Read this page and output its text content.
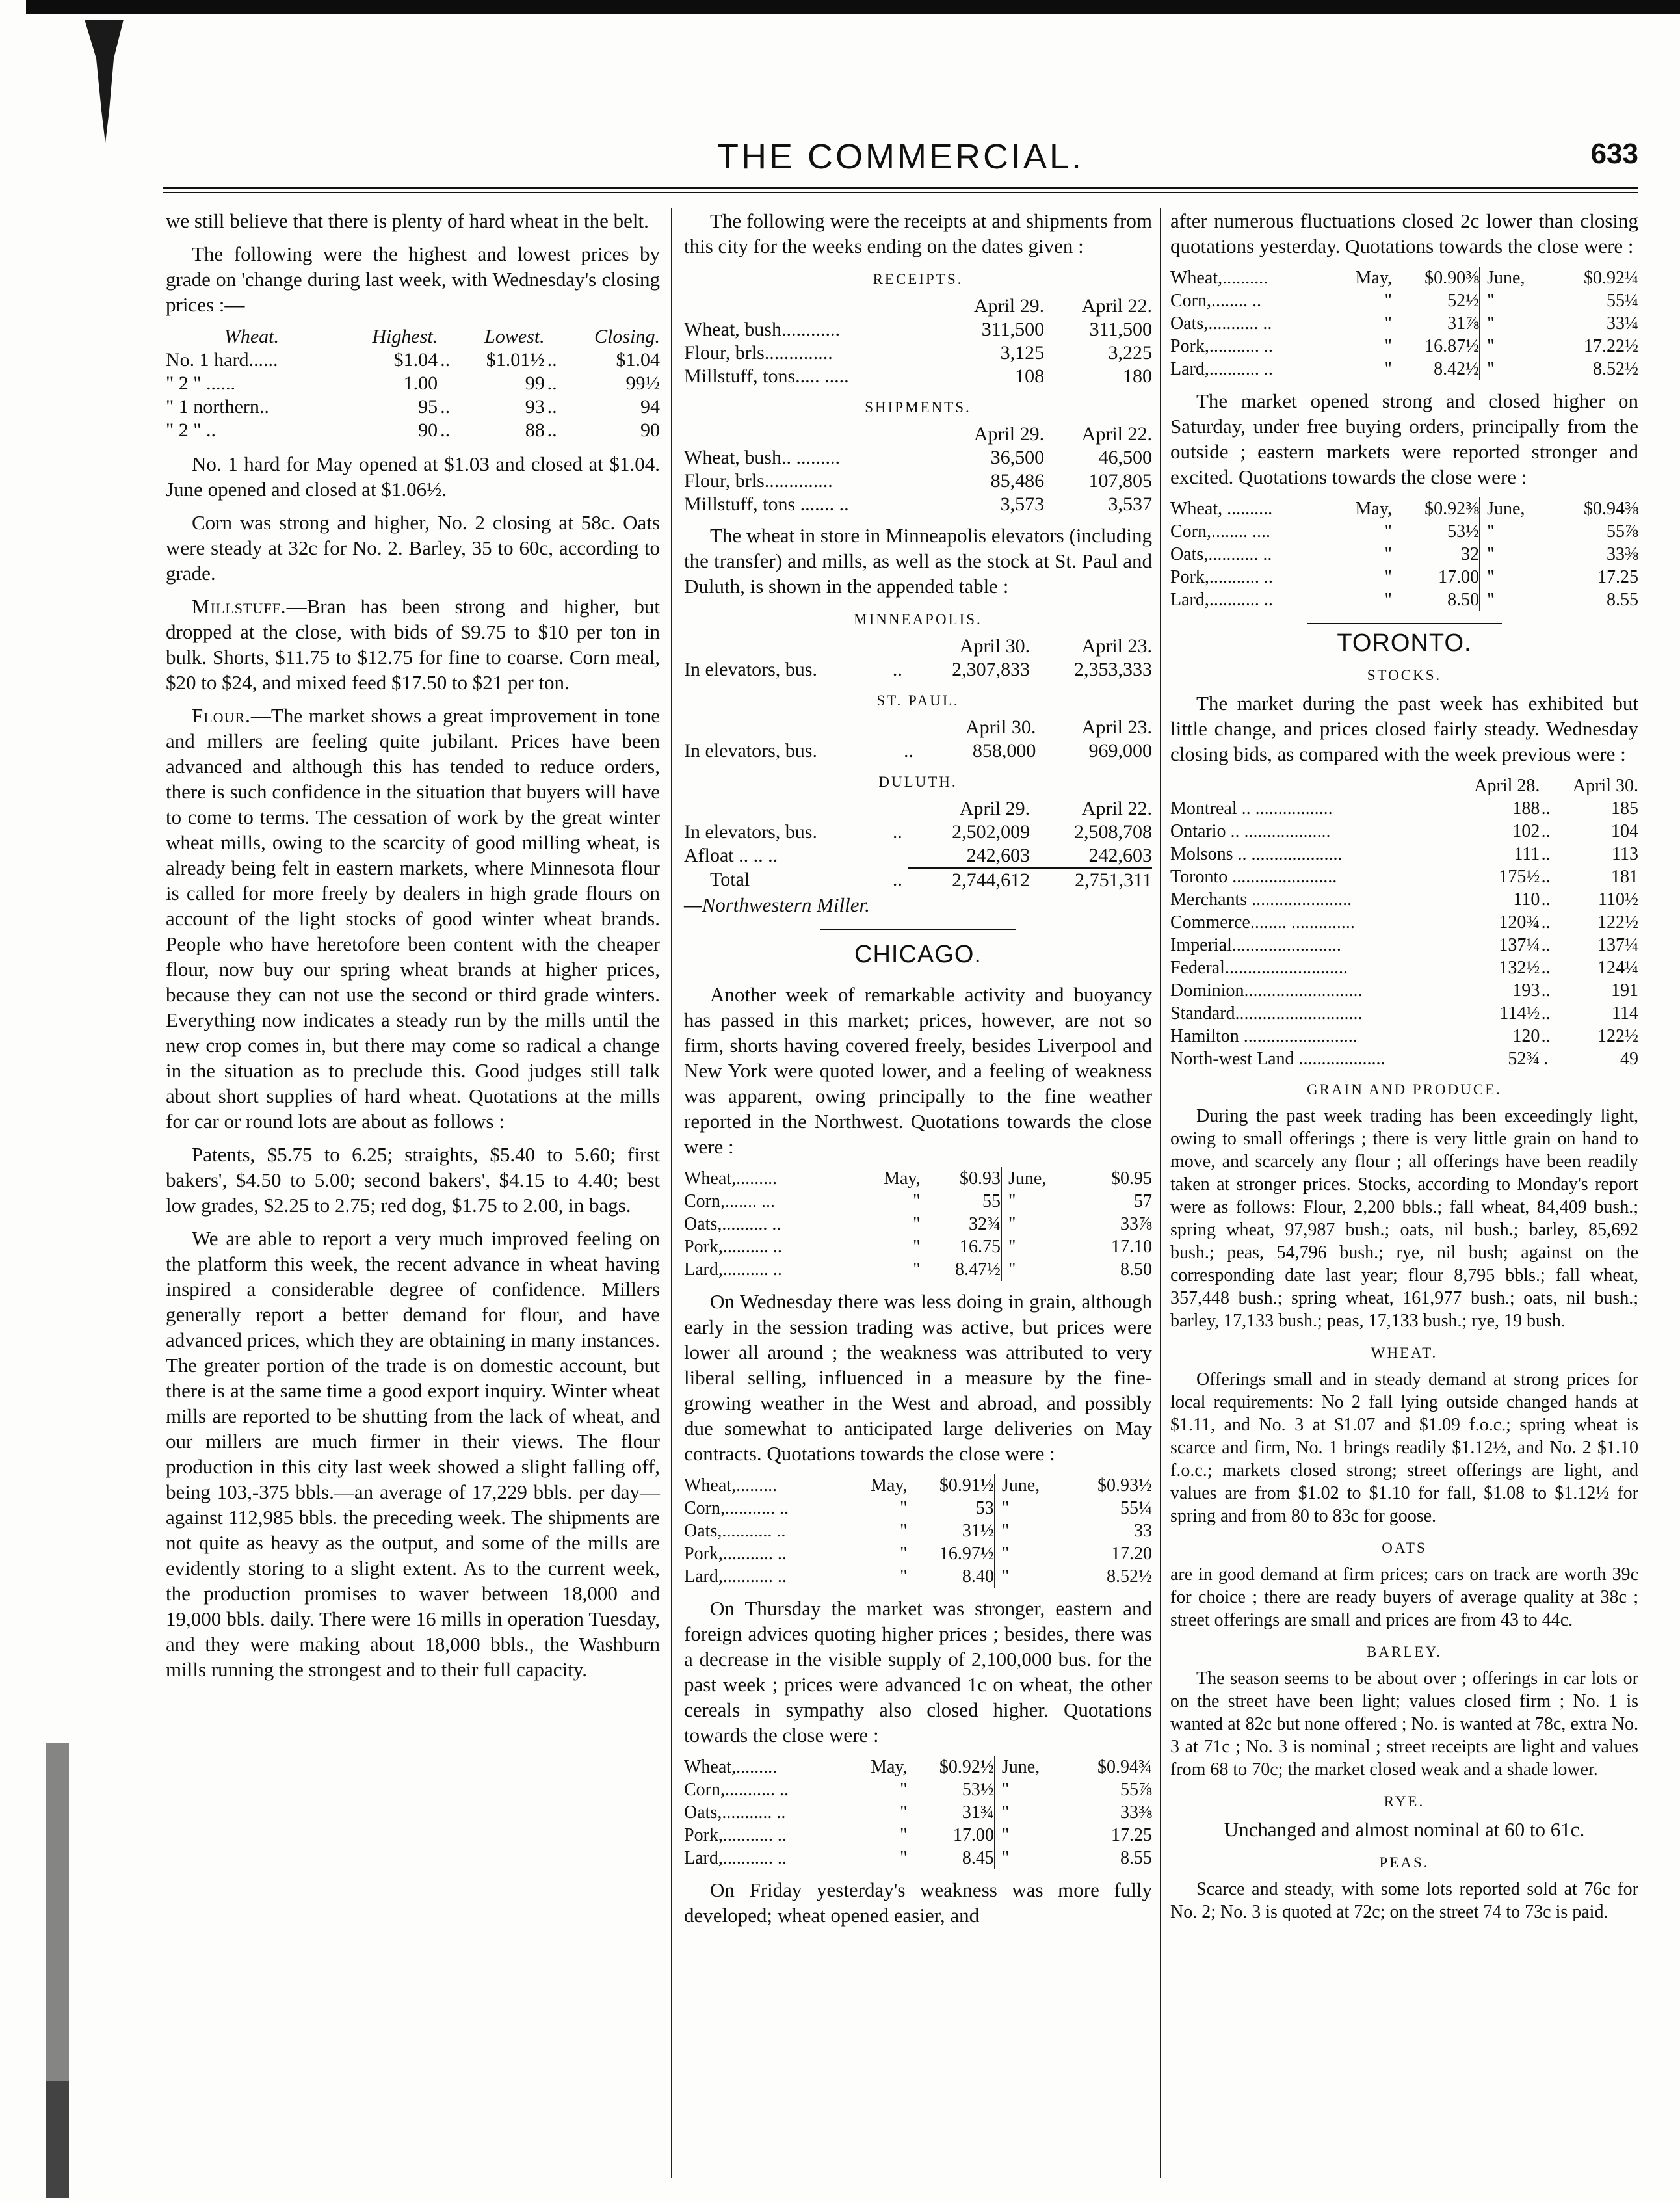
THE COMMERCIAL.	633

we still believe that there is plenty of hard wheat in the belt.

The following were the highest and lowest prices by grade on 'change during last week, with Wednesday's closing prices :—

Wheat.	Highest.		Lowest.		Closing.
No. 1 hard......	$1.04	..	$1.01½	..	$1.04
" 2 " ......	1.00		99	..	99½
" 1 northern..	95	..	93	..	94
" 2 " ..	90	..	88	..	90

No. 1 hard for May opened at $1.03 and closed at $1.04. June opened and closed at $1.06½.

Corn was strong and higher, No. 2 closing at 58c. Oats were steady at 32c for No. 2. Barley, 35 to 60c, according to grade.

Millstuff.—Bran has been strong and higher, but dropped at the close, with bids of $9.75 to $10 per ton in bulk. Shorts, $11.75 to $12.75 for fine to coarse. Corn meal, $20 to $24, and mixed feed $17.50 to $21 per ton.

Flour.—The market shows a great improvement in tone and millers are feeling quite jubilant. Prices have been advanced and although this has tended to reduce orders, there is such confidence in the situation that buyers will have to come to terms. The cessation of work by the great winter wheat mills, owing to the scarcity of good milling wheat, is already being felt in eastern markets, where Minnesota flour is called for more freely by dealers in high grade flours on account of the light stocks of good winter wheat brands. People who have heretofore been content with the cheaper flour, now buy our spring wheat brands at higher prices, because they can not use the second or third grade winters. Everything now indicates a steady run by the mills until the new crop comes in, but there may come so radical a change in the situation as to preclude this. Good judges still talk about short supplies of hard wheat. Quotations at the mills for car or round lots are about as follows :

Patents, $5.75 to 6.25; straights, $5.40 to 5.60; first bakers', $4.50 to 5.00; second bakers', $4.15 to 4.40; best low grades, $2.25 to 2.75; red dog, $1.75 to 2.00, in bags.

We are able to report a very much improved feeling on the platform this week, the recent advance in wheat having inspired a considerable degree of confidence. Millers generally report a better demand for flour, and have advanced prices, which they are obtaining in many instances. The greater portion of the trade is on domestic account, but there is at the same time a good export inquiry. Winter wheat mills are reported to be shutting from the lack of wheat, and our millers are much firmer in their views. The flour production in this city last week showed a slight falling off, being 103,-375 bbls.—an average of 17,229 bbls. per day—against 112,985 bbls. the preceding week. The shipments are not quite as heavy as the output, and some of the mills are evidently storing to a slight extent. As to the current week, the production promises to waver between 18,000 and 19,000 bbls. daily. There were 16 mills in operation Tuesday, and they were making about 18,000 bbls., the Washburn mills running the strongest and to their full capacity.

The following were the receipts at and shipments from this city for the weeks ending on the dates given :

RECEIPTS.
	April 29.	April 22.
Wheat, bush............	311,500	311,500
Flour, brls..............	3,125	3,225
Millstuff, tons..... .....	108	180
SHIPMENTS.
	April 29.	April 22.
Wheat, bush.. .........	36,500	46,500
Flour, brls..............	85,486	107,805
Millstuff, tons ....... ..	3,573	3,537

The wheat in store in Minneapolis elevators (including the transfer) and mills, as well as the stock at St. Paul and Duluth, is shown in the appended table :

MINNEAPOLIS.
		April 30.	April 23.
In elevators, bus.	..	2,307,833	2,353,333
ST. PAUL.
		April 30.	April 23.
In elevators, bus.	..	858,000	969,000
DULUTH.
		April 29.	April 22.
In elevators, bus.	..	2,502,009	2,508,708
Afloat .. .. ..		242,603	242,603
Total	..	2,744,612	2,751,311
—Northwestern Miller.
CHICAGO.

Another week of remarkable activity and buoyancy has passed in this market; prices, however, are not so firm, shorts having covered freely, besides Liverpool and New York were quoted lower, and a feeling of weakness was apparent, owing principally to the fine weather reported in the Northwest. Quotations towards the close were :

Wheat,.........	May,	$0.93	June,	$0.95
Corn,....... ...	"	55	"	57
Oats,.......... ..	"	32¾	"	33⅞
Pork,.......... ..	"	16.75	"	17.10
Lard,.......... ..	"	8.47½	"	8.50

On Wednesday there was less doing in grain, although early in the session trading was active, but prices were lower all around ; the weakness was attributed to very liberal selling, influenced in a measure by the fine-growing weather in the West and abroad, and possibly due somewhat to anticipated large deliveries on May contracts. Quotations towards the close were :

Wheat,.........	May,	$0.91½	June,	$0.93½
Corn,........... ..	"	53	"	55¼
Oats,........... ..	"	31½	"	33
Pork,........... ..	"	16.97½	"	17.20
Lard,........... ..	"	8.40	"	8.52½

On Thursday the market was stronger, eastern and foreign advices quoting higher prices ; besides, there was a decrease in the visible supply of 2,100,000 bus. for the past week ; prices were advanced 1c on wheat, the other cereals in sympathy also closed higher. Quotations towards the close were :

Wheat,.........	May,	$0.92½	June,	$0.94¾
Corn,........... ..	"	53½	"	55⅞
Oats,........... ..	"	31¾	"	33⅜
Pork,........... ..	"	17.00	"	17.25
Lard,........... ..	"	8.45	"	8.55

On Friday yesterday's weakness was more fully developed; wheat opened easier, and

after numerous fluctuations closed 2c lower than closing quotations yesterday. Quotations towards the close were :

Wheat,..........	May,	$0.90⅜	June,	$0.92¼
Corn,........ ..	"	52½	"	55¼
Oats,........... ..	"	31⅞	"	33¼
Pork,........... ..	"	16.87½	"	17.22½
Lard,........... ..	"	8.42½	"	8.52½

The market opened strong and closed higher on Saturday, under free buying orders, principally from the outside ; eastern markets were reported stronger and excited. Quotations towards the close were :

Wheat, ..........	May,	$0.92⅜	June,	$0.94⅜
Corn,........ ....	"	53½	"	55⅞
Oats,........... ..	"	32	"	33⅜
Pork,........... ..	"	17.00	"	17.25
Lard,........... ..	"	8.50	"	8.55
TORONTO.
STOCKS.

The market during the past week has exhibited but little change, and prices closed fairly steady. Wednesday closing bids, as compared with the week previous were :

	April 28.		April 30.
Montreal .. .................	188	..	185
Ontario .. ...................	102	..	104
Molsons .. ....................	111	..	113
Toronto .......................	175½	..	181
Merchants ......................	110	..	110½
Commerce........ ..............	120¾	..	122½
Imperial........................	137¼	..	137¼
Federal...........................	132½	..	124¼
Dominion..........................	193	..	191
Standard............................	114½	..	114
Hamilton .........................	120	..	122½
North-west Land ...................	52¾	.	49
GRAIN AND PRODUCE.

During the past week trading has been exceedingly light, owing to small offerings ; there is very little grain on hand to move, and scarcely any flour ; all offerings have been readily taken at stronger prices. Stocks, according to Monday's report were as follows: Flour, 2,200 bbls.; fall wheat, 84,409 bush.; spring wheat, 97,987 bush.; oats, nil bush.; barley, 85,692 bush.; peas, 54,796 bush.; rye, nil bush; against on the corresponding date last year; flour 8,795 bbls.; fall wheat, 357,448 bush.; spring wheat, 161,977 bush.; oats, nil bush.; barley, 17,133 bush.; peas, 17,133 bush.; rye, 19 bush.

WHEAT.

Offerings small and in steady demand at strong prices for local requirements: No 2 fall lying outside changed hands at $1.11, and No. 3 at $1.07 and $1.09 f.o.c.; spring wheat is scarce and firm, No. 1 brings readily $1.12½, and No. 2 $1.10 f.o.c.; markets closed strong; street offerings are light, and values are from $1.02 to $1.10 for fall, $1.08 to $1.12½ for spring and from 80 to 83c for goose.

OATS

are in good demand at firm prices; cars on track are worth 39c for choice ; there are ready buyers of average quality at 38c ; street offerings are small and prices are from 43 to 44c.

BARLEY.

The season seems to be about over ; offerings in car lots or on the street have been light; values closed firm ; No. 1 is wanted at 82c but none offered ; No. is wanted at 78c, extra No. 3 at 71c ; No. 3 is nominal ; street receipts are light and values from 68 to 70c; the market closed weak and a shade lower.

RYE.

Unchanged and almost nominal at 60 to 61c.

PEAS.

Scarce and steady, with some lots reported sold at 76c for No. 2; No. 3 is quoted at 72c; on the street 74 to 73c is paid.
